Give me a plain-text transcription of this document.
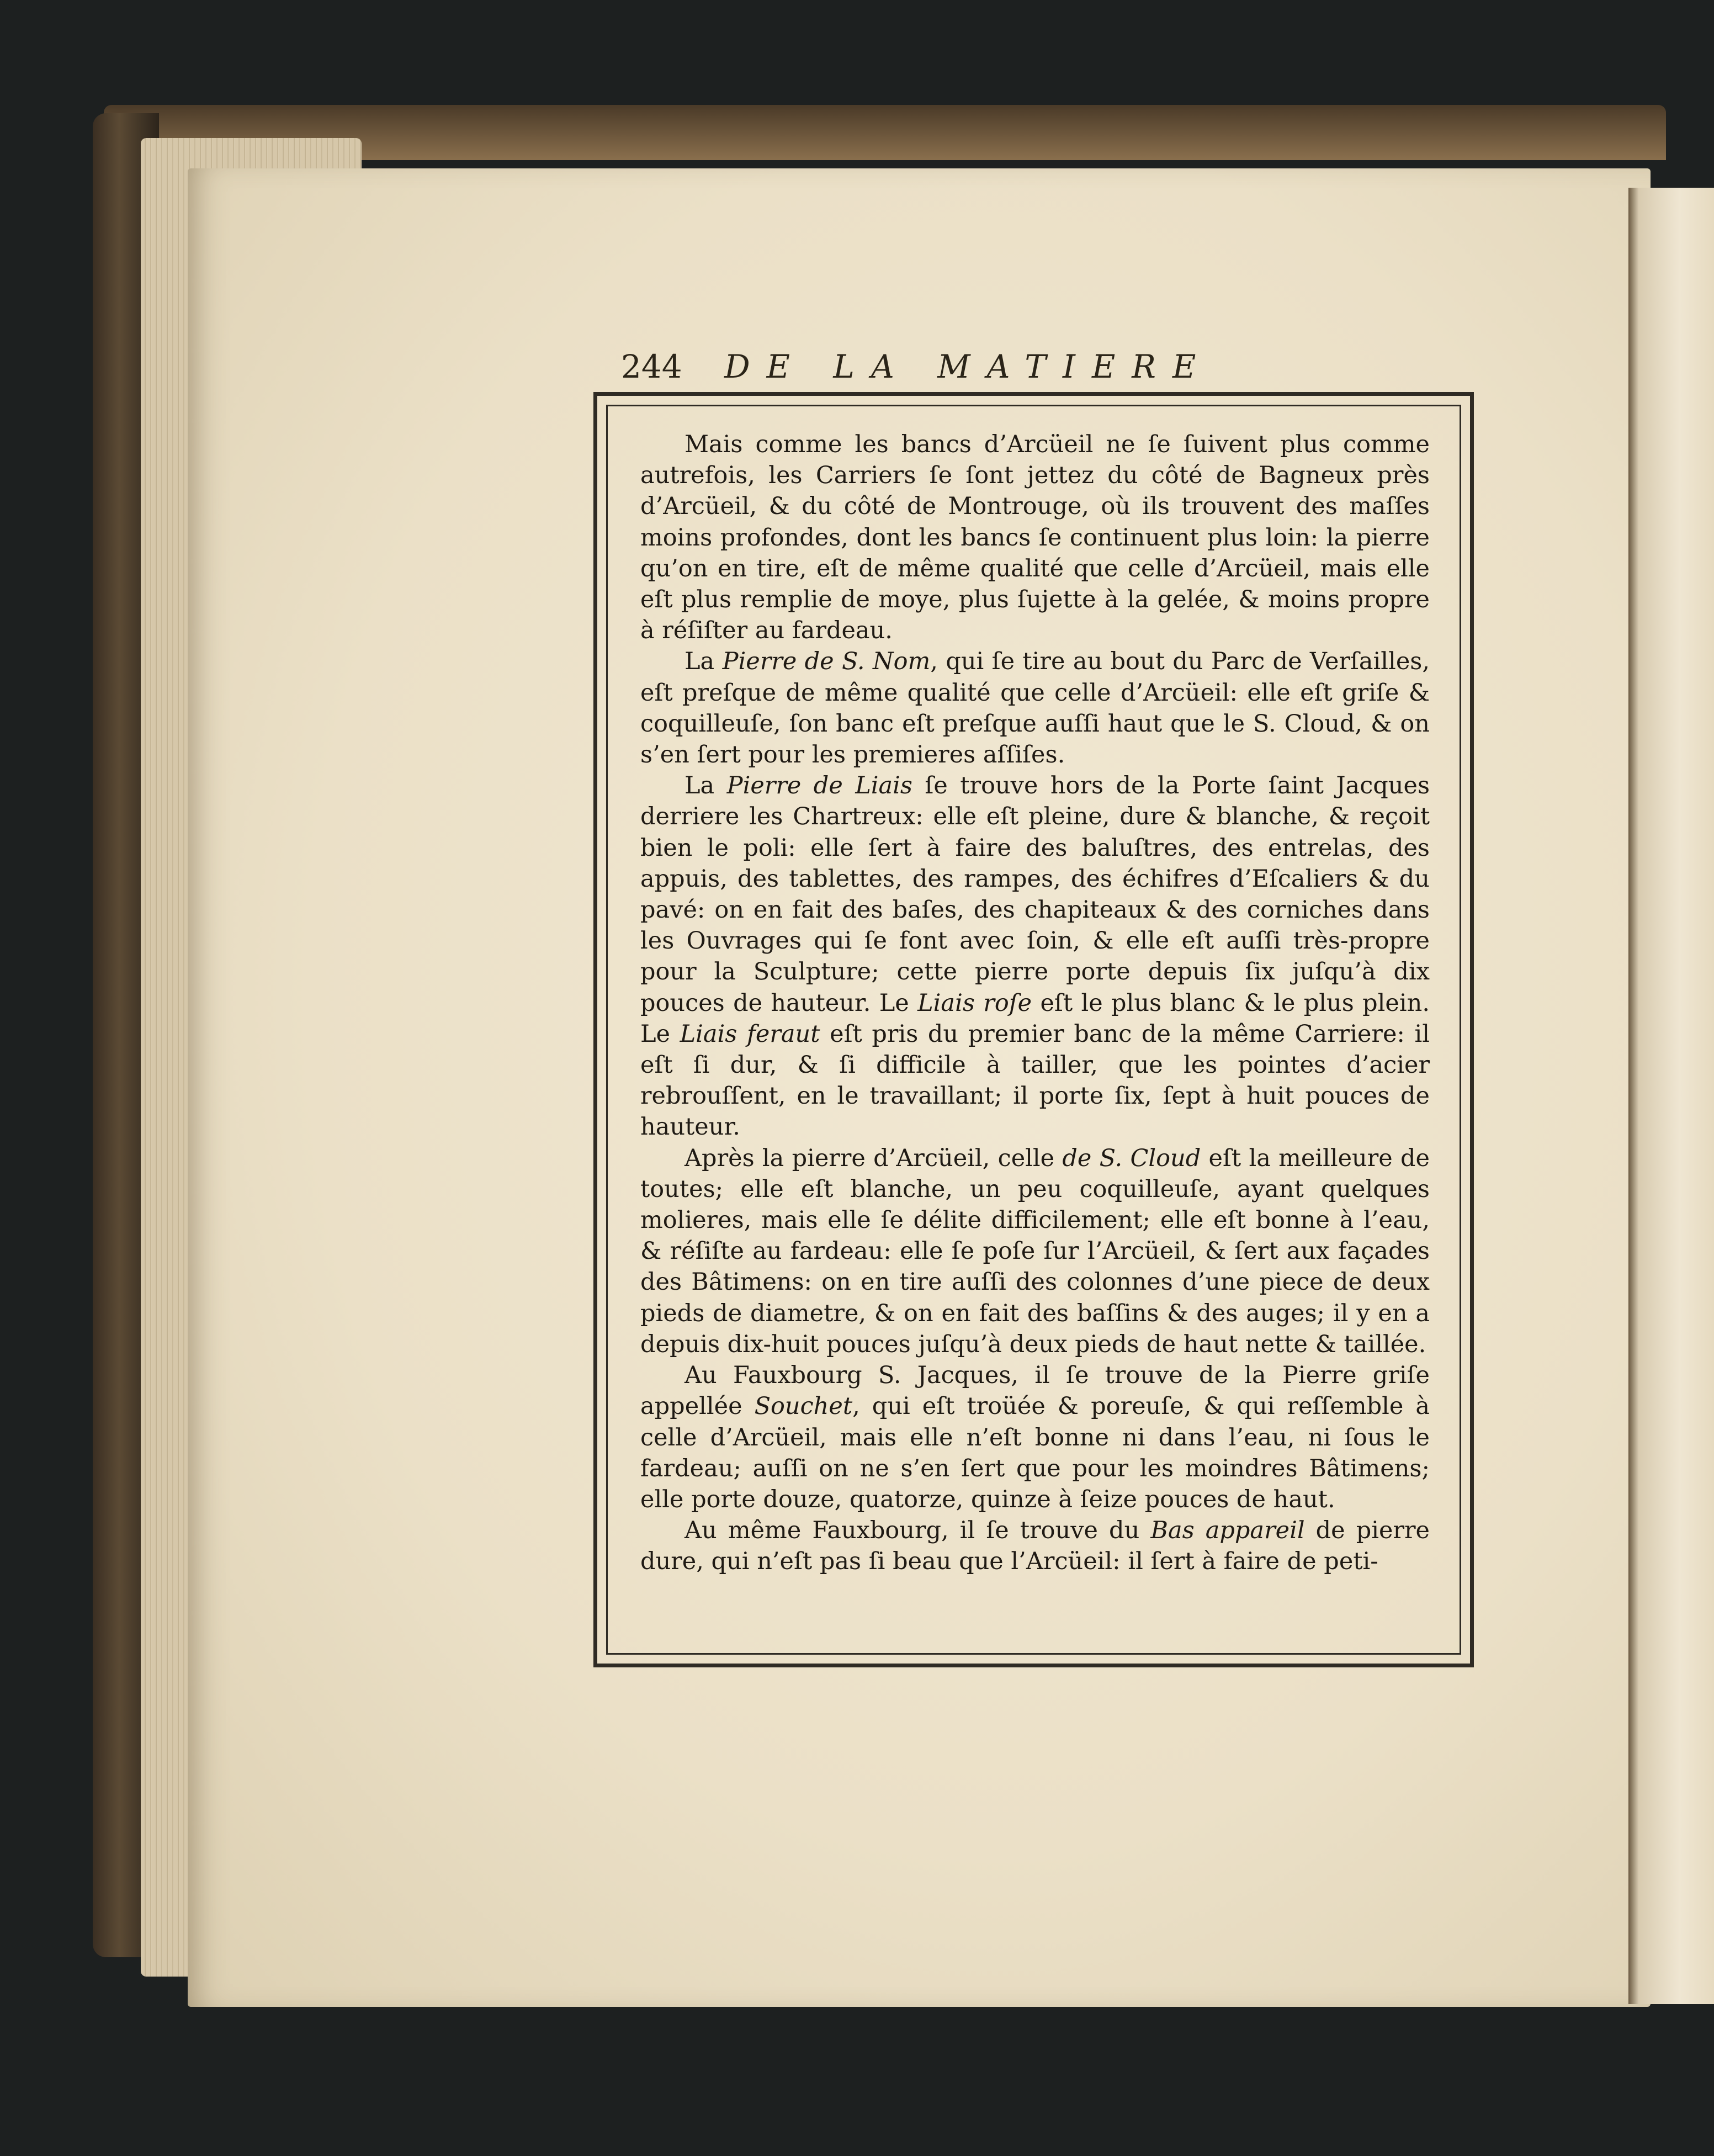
244 DE LA MATIERE

Mais comme les bancs d’Arcüeil ne ſe ſuivent plus comme autrefois, les Carriers ſe ſont jettez du côté de Bagneux près d’Arcüeil, & du côté de Montrouge, où ils trouvent des maſſes moins profondes, dont les bancs ſe continuent plus loin: la pierre qu’on en tire, eſt de même qualité que celle d’Arcüeil, mais elle eſt plus remplie de moye, plus ſujette à la gelée, & moins propre à réſiſter au fardeau.

La Pierre de S. Nom, qui ſe tire au bout du Parc de Verſailles, eſt preſque de même qualité que celle d’Arcüeil: elle eſt griſe & coquilleuſe, ſon banc eſt preſque auſſi haut que le S. Cloud, & on s’en ſert pour les premieres aſſiſes.

La Pierre de Liais ſe trouve hors de la Porte ſaint Jacques derriere les Chartreux: elle eſt pleine, dure & blanche, & reçoit bien le poli: elle ſert à faire des baluſtres, des entrelas, des appuis, des tablettes, des rampes, des échifres d’Eſcaliers & du pavé: on en fait des baſes, des chapiteaux & des corniches dans les Ouvrages qui ſe font avec ſoin, & elle eſt auſſi très-propre pour la Sculpture; cette pierre porte depuis ſix juſqu’à dix pouces de hauteur. Le Liais roſe eſt le plus blanc & le plus plein. Le Liais feraut eſt pris du premier banc de la même Carriere: il eſt ſi dur, & ſi difficile à tailler, que les pointes d’acier rebrouſſent, en le travaillant; il porte ſix, ſept à huit pouces de hauteur.

Après la pierre d’Arcüeil, celle de S. Cloud eſt la meilleure de toutes; elle eſt blanche, un peu coquilleuſe, ayant quelques molieres, mais elle ſe délite difficilement; elle eſt bonne à l’eau, & réſiſte au fardeau: elle ſe poſe ſur l’Arcüeil, & ſert aux façades des Bâtimens: on en tire auſſi des colonnes d’une piece de deux pieds de diametre, & on en fait des baſſins & des auges; il y en a depuis dix-huit pouces juſqu’à deux pieds de haut nette & taillée.

Au Fauxbourg S. Jacques, il ſe trouve de la Pierre griſe appellée Souchet, qui eſt troüée & poreuſe, & qui reſſemble à celle d’Arcüeil, mais elle n’eſt bonne ni dans l’eau, ni ſous le fardeau; auſſi on ne s’en ſert que pour les moindres Bâtimens; elle porte douze, quatorze, quinze à ſeize pouces de haut.

Au même Fauxbourg, il ſe trouve du Bas appareil de pierre dure, qui n’eſt pas ſi beau que l’Arcüeil: il ſert à faire de peti-
